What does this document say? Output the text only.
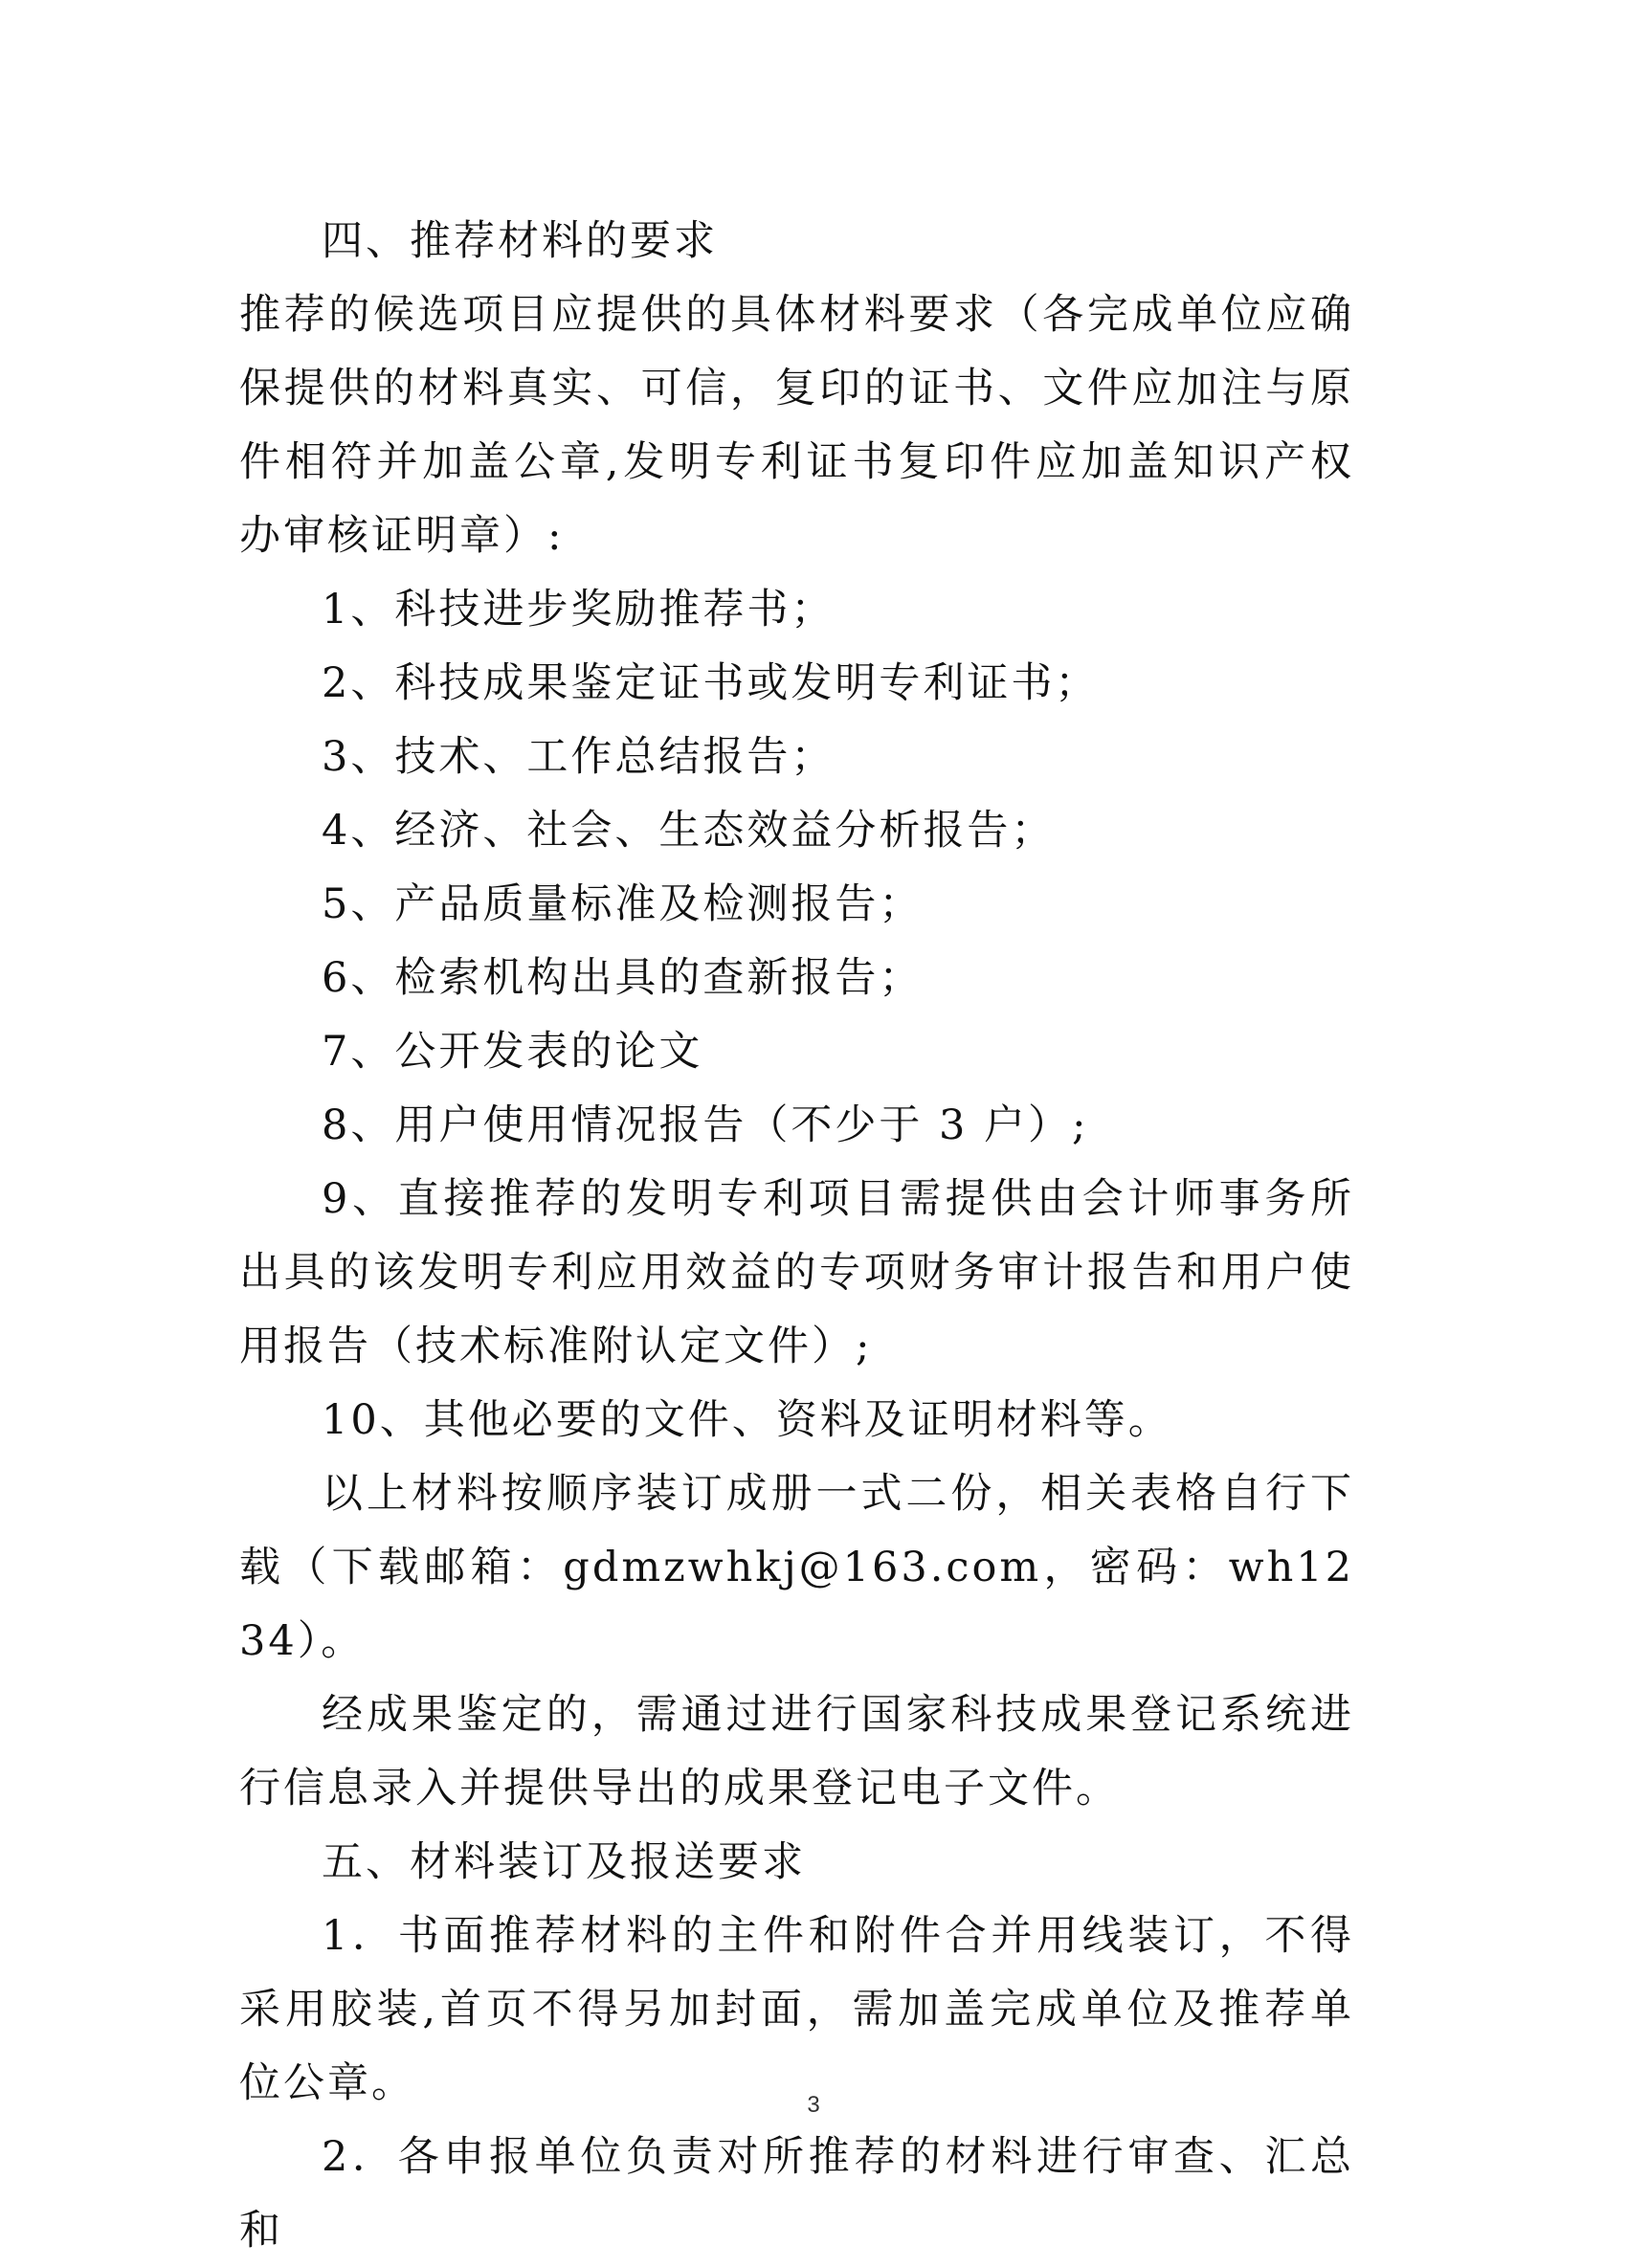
四、推荐材料的要求

推荐的候选项目应提供的具体材料要求（各完成单位应确保提供的材料真实、可信，复印的证书、文件应加注与原件相符并加盖公章,发明专利证书复印件应加盖知识产权办审核证明章）:

1、科技进步奖励推荐书；

2、科技成果鉴定证书或发明专利证书；

3、技术、工作总结报告；

4、经济、社会、生态效益分析报告；

5、产品质量标准及检测报告；

6、检索机构出具的查新报告；

7、公开发表的论文

8、用户使用情况报告（不少于 3 户）;

9、直接推荐的发明专利项目需提供由会计师事务所出具的该发明专利应用效益的专项财务审计报告和用户使用报告（技术标准附认定文件）;

10、其他必要的文件、资料及证明材料等。

以上材料按顺序装订成册一式二份，相关表格自行下载（下载邮箱：gdmzwhkj@163.com，密码：wh1234）。

经成果鉴定的，需通过进行国家科技成果登记系统进行信息录入并提供导出的成果登记电子文件。

五、材料装订及报送要求

1．书面推荐材料的主件和附件合并用线装订，不得采用胶装,首页不得另加封面，需加盖完成单位及推荐单位公章。

2．各申报单位负责对所推荐的材料进行审查、汇总和

3
